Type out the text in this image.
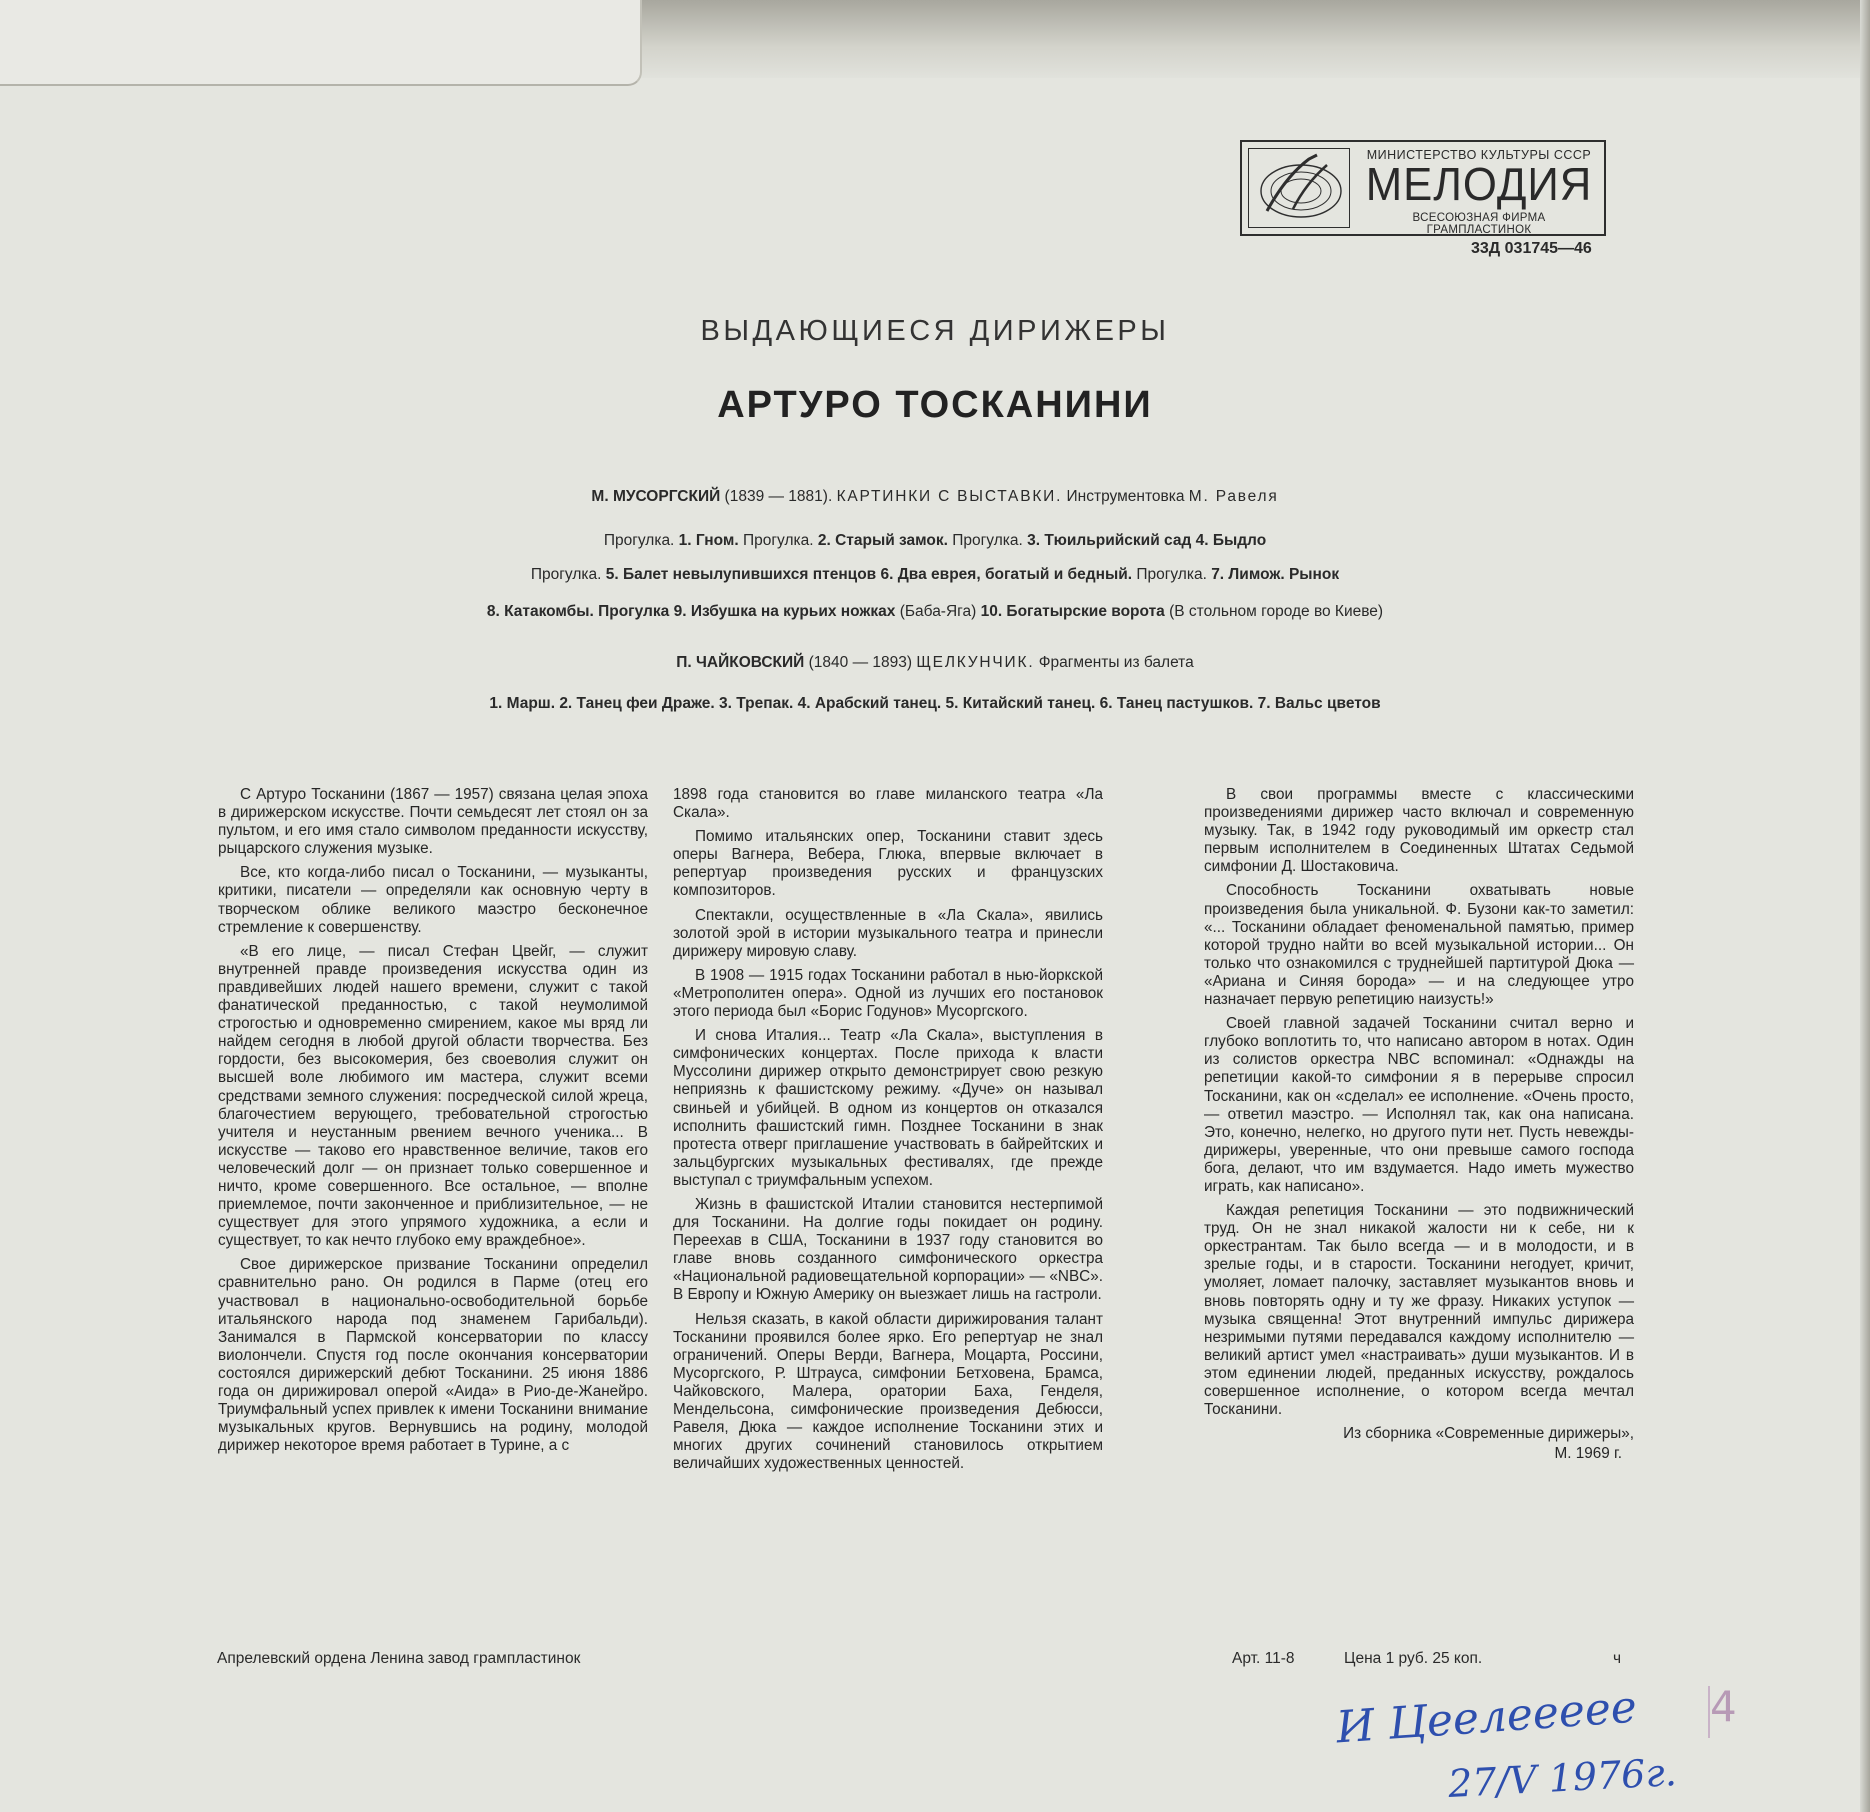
МИНИСТЕРСТВО КУЛЬТУРЫ СССР
МЕЛОДИЯ
ВСЕСОЮЗНАЯ ФИРМА ГРАМПЛАСТИНОК
33Д 031745—46
ВЫДАЮЩИЕСЯ ДИРИЖЕРЫ
АРТУРО ТОСКАНИНИ
М. МУСОРГСКИЙ (1839 — 1881). КАРТИНКИ С ВЫСТАВКИ. Инструментовка М. Равеля
Прогулка. 1. Гном. Прогулка. 2. Старый замок. Прогулка. 3. Тюильрийский сад 4. Быдло
Прогулка. 5. Балет невылупившихся птенцов 6. Два еврея, богатый и бедный. Прогулка. 7. Лимож. Рынок
8. Катакомбы. Прогулка 9. Избушка на курьих ножках (Баба-Яга) 10. Богатырские ворота (В стольном городе во Киеве)
П. ЧАЙКОВСКИЙ (1840 — 1893) ЩЕЛКУНЧИК. Фрагменты из балета
1. Марш. 2. Танец феи Драже. 3. Трепак. 4. Арабский танец. 5. Китайский танец. 6. Танец пастушков. 7. Вальс цветов

С Артуро Тосканини (1867 — 1957) связана целая эпоха в дирижерском искусстве. Почти семьдесят лет стоял он за пультом, и его имя стало символом преданности искусству, рыцарского служения музыке.

Все, кто когда-либо писал о Тосканини, — музыканты, критики, писатели — определяли как основную черту в творческом облике великого маэстро бесконечное стремление к совершенству.

«В его лице, — писал Стефан Цвейг, — служит внутренней правде произведения искусства один из правдивейших людей нашего времени, служит с такой фанатической преданностью, с такой неумолимой строгостью и одновременно смирением, какое мы вряд ли найдем сегодня в любой другой области творчества. Без гордости, без высокомерия, без своеволия служит он высшей воле любимого им мастера, служит всеми средствами земного служения: посредческой силой жреца, благочестием верующего, требовательной строгостью учителя и неустанным рвением вечного ученика... В искусстве — таково его нравственное величие, таков его человеческий долг — он признает только совершенное и ничто, кроме совершенного. Все остальное, — вполне приемлемое, почти законченное и приблизительное, — не существует для этого упрямого художника, а если и существует, то как нечто глубоко ему враждебное».

Свое дирижерское призвание Тосканини определил сравнительно рано. Он родился в Парме (отец его участвовал в национально-освободительной борьбе итальянского народа под знаменем Гарибальди). Занимался в Пармской консерватории по классу виолончели. Спустя год после окончания консерватории состоялся дирижерский дебют Тосканини. 25 июня 1886 года он дирижировал оперой «Аида» в Рио-де-Жанейро. Триумфальный успех привлек к имени Тосканини внимание музыкальных кругов. Вернувшись на родину, молодой дирижер некоторое время работает в Турине, а с

1898 года становится во главе миланского театра «Ла Скала».

Помимо итальянских опер, Тосканини ставит здесь оперы Вагнера, Вебера, Глюка, впервые включает в репертуар произведения русских и французских композиторов.

Спектакли, осуществленные в «Ла Скала», явились золотой эрой в истории музыкального театра и принесли дирижеру мировую славу.

В 1908 — 1915 годах Тосканини работал в нью-йоркской «Метрополитен опера». Одной из лучших его постановок этого периода был «Борис Годунов» Мусоргского.

И снова Италия... Театр «Ла Скала», выступления в симфонических концертах. После прихода к власти Муссолини дирижер открыто демонстрирует свою резкую неприязнь к фашистскому режиму. «Дуче» он называл свиньей и убийцей. В одном из концертов он отказался исполнить фашистский гимн. Позднее Тосканини в знак протеста отверг приглашение участвовать в байрейтских и зальцбургских музыкальных фестивалях, где прежде выступал с триумфальным успехом.

Жизнь в фашистской Италии становится нестерпимой для Тосканини. На долгие годы покидает он родину. Переехав в США, Тосканини в 1937 году становится во главе вновь созданного симфонического оркестра «Национальной радиовещательной корпорации» — «NBC». В Европу и Южную Америку он выезжает лишь на гастроли.

Нельзя сказать, в какой области дирижирования талант Тосканини проявился более ярко. Его репертуар не знал ограничений. Оперы Верди, Вагнера, Моцарта, Россини, Мусоргского, Р. Штрауса, симфонии Бетховена, Брамса, Чайковского, Малера, оратории Баха, Генделя, Мендельсона, симфонические произведения Дебюсси, Равеля, Дюка — каждое исполнение Тосканини этих и многих других сочинений становилось открытием величайших художественных ценностей.

В свои программы вместе с классическими произведениями дирижер часто включал и современную музыку. Так, в 1942 году руководимый им оркестр стал первым исполнителем в Соединенных Штатах Седьмой симфонии Д. Шостаковича.

Способность Тосканини охватывать новые произведения была уникальной. Ф. Бузони как-то заметил: «... Тосканини обладает феноменальной памятью, пример которой трудно найти во всей музыкальной истории... Он только что ознакомился с труднейшей партитурой Дюка — «Ариана и Синяя борода» — и на следующее утро назначает первую репетицию наизусть!»

Своей главной задачей Тосканини считал верно и глубоко воплотить то, что написано автором в нотах. Один из солистов оркестра NBC вспоминал: «Однажды на репетиции какой-то симфонии я в перерыве спросил Тосканини, как он «сделал» ее исполнение. «Очень просто, — ответил маэстро. — Исполнял так, как она написана. Это, конечно, нелегко, но другого пути нет. Пусть невежды-дирижеры, уверенные, что они превыше самого господа бога, делают, что им вздумается. Надо иметь мужество играть, как написано».

Каждая репетиция Тосканини — это подвижнический труд. Он не знал никакой жалости ни к себе, ни к оркестрантам. Так было всегда — и в молодости, и в зрелые годы, и в старости. Тосканини негодует, кричит, умоляет, ломает палочку, заставляет музыкантов вновь и вновь повторять одну и ту же фразу. Никаких уступок — музыка священна! Этот внутренний импульс дирижера незримыми путями передавался каждому исполнителю — великий артист умел «настраивать» души музыкантов. И в этом единении людей, преданных искусству, рождалось совершенное исполнение, о котором всегда мечтал Тосканини.

Из сборника «Современные дирижеры»,
М. 1969 г.
Апрелевский ордена Ленина завод грампластинок	Арт. 11-8	Цена 1 руб. 25 коп.	ч
И Цеелеееее
27/V 1976г.
4
